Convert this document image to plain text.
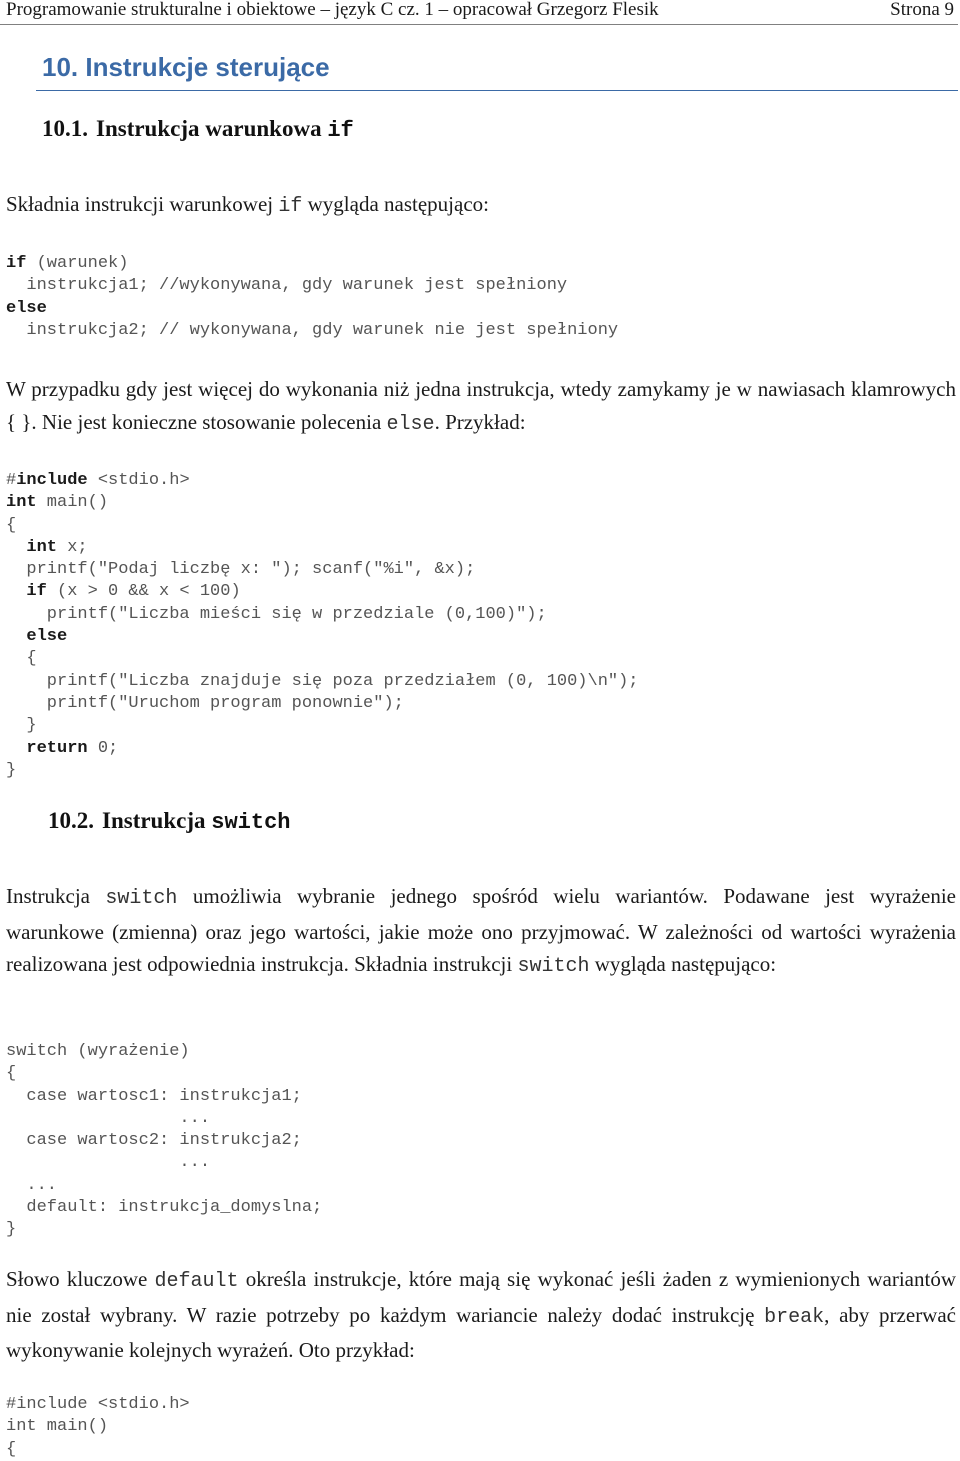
Programowanie strukturalne i obiektowe – język C cz. 1 – opracował Grzegorz Flesik	Strona 9
10. Instrukcje sterujące
10.1. Instrukcja warunkowa if
Składnia instrukcji warunkowej if wygląda następująco:
if (warunek)
instrukcja1; //wykonywana, gdy warunek jest spełniony
else
instrukcja2; // wykonywana, gdy warunek nie jest spełniony
W przypadku gdy jest więcej do wykonania niż jedna instrukcja, wtedy zamykamy je w nawiasach klamrowych { }. Nie jest konieczne stosowanie polecenia else. Przykład:
#include <stdio.h>
int main()
{
int x;
printf("Podaj liczbę x: "); scanf("%i", &x);
if (x > 0 && x < 100)
printf("Liczba mieści się w przedziale (0,100)");
else
{
printf("Liczba znajduje się poza przedziałem (0, 100)\n");
printf("Uruchom program ponownie");
}
return 0;
}
10.2. Instrukcja switch
Instrukcja switch umożliwia wybranie jednego spośród wielu wariantów. Podawane jest wyrażenie warunkowe (zmienna) oraz jego wartości, jakie może ono przyjmować. W zależności od wartości wyrażenia realizowana jest odpowiednia instrukcja. Składnia instrukcji switch wygląda następująco:
switch (wyrażenie)
{
case wartosc1: instrukcja1;
...
case wartosc2: instrukcja2;
...
...
default: instrukcja_domyslna;
}
Słowo kluczowe default określa instrukcje, które mają się wykonać jeśli żaden z wymienionych wariantów nie został wybrany. W razie potrzeby po każdym wariancie należy dodać instrukcję break, aby przerwać wykonywanie kolejnych wyrażeń. Oto przykład:
#include <stdio.h>
int main()
{
